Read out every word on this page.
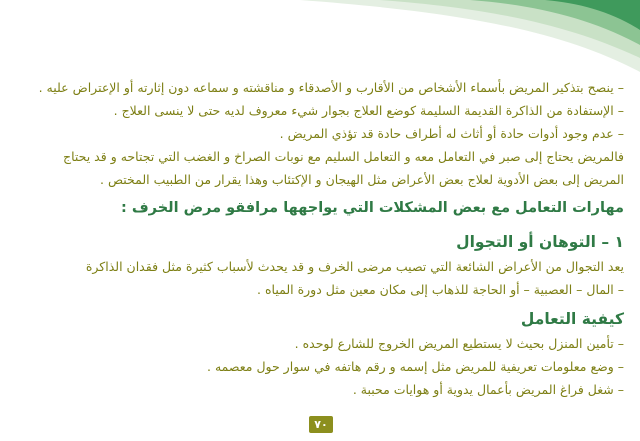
– ينصح بتذكير المريض بأسماء الأشخاص من الأقارب و الأصدقاء و مناقشته و سماعه دون إثارته أو الإعتراض عليه .
– الإستفادة من الذاكرة القديمة السليمة كوضع العلاج بجوار شيء معروف لديه حتى لا ينسى العلاج .
– عدم وجود أدوات حادة أو أثاث له أطراف حادة قد تؤذي المريض .
فالمريض يحتاج إلى صبر في التعامل معه و التعامل السليم مع نوبات الصراخ و الغضب التي تجتاحه و قد يحتاج
المريض إلى بعض الأدوية لعلاج بعض الأعراض مثل الهيجان و الإكتئاب وهذا يقرار من الطبيب المختص .
مهارات التعامل مع بعض المشكلات التي يواجهها مرافقو مرض الخرف :
١ – التوهان أو التجوال
يعد التجوال من الأعراض الشائعة التي تصيب مرضى الخرف و قد يحدث لأسباب كثيرة مثل فقدان الذاكرة
– المال – العصبية – أو الحاجة للذهاب إلى مكان معين مثل دورة المياه .
كيفية التعامل
– تأمين المنزل بحيث لا يستطيع المريض الخروج للشارع لوحده .
– وضع معلومات تعريفية للمريض مثل إسمه و رقم هاتفه في سوار حول معصمه .
– شغل فراغ المريض بأعمال يدوية أو هوايات محببة .
٧٠
